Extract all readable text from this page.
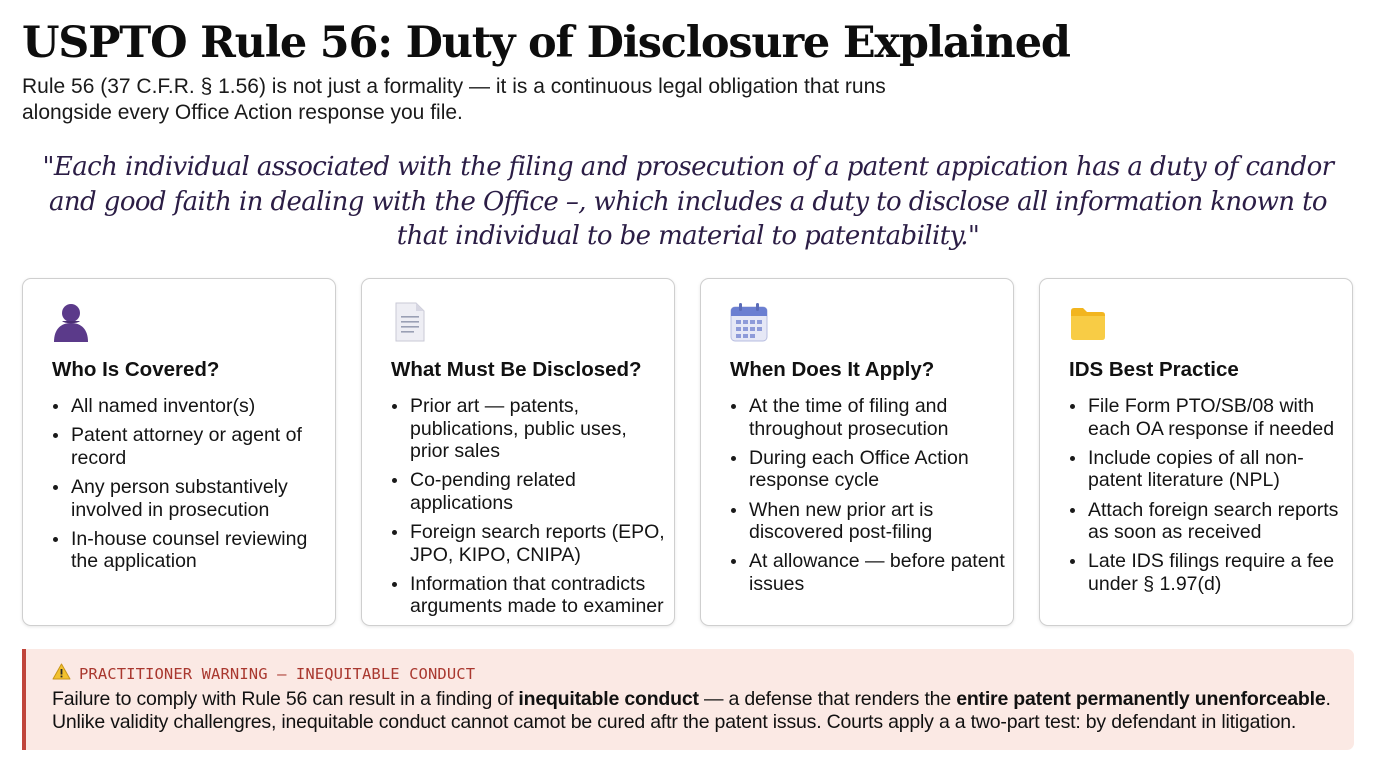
USPTO Rule 56: Duty of Disclosure Explained

Rule 56 (37 C.F.R. § 1.56) is not just a formality — it is a continuous legal obligation that runs alongside every Office Action response you file.

"Each individual associated with the filing and prosecution of a patent appication has a duty of candor and good faith in dealing with the Office –, which includes a duty to disclose all information known to that individual to be material to patentability."

Who Is Covered?
All named inventor(s)
Patent attorney or agent of record
Any person substantively involved in prosecution
In-house counsel reviewing the application
What Must Be Disclosed?
Prior art — patents, publications, public uses, prior sales
Co-pending related applications
Foreign search reports (EPO, JPO, KIPO, CNIPA)
Information that contradicts arguments made to examiner
When Does It Apply?
At the time of filing and throughout prosecution
During each Office Action response cycle
When new prior art is discovered post-filing
At allowance — before patent issues
IDS Best Practice
File Form PTO/SB/08 with each OA response if needed
Include copies of all non-patent literature (NPL)
Attach foreign search reports as soon as received
Late IDS filings require a fee under § 1.97(d)
PRACTITIONER WARNING — INEQUITABLE CONDUCT

Failure to comply with Rule 56 can result in a finding of inequitable conduct — a defense that renders the entire patent permanently unenforceable. Unlike validity challengres, inequitable conduct cannot camot be cured aftr the patent issus. Courts apply a a two-part test: by defendant in litigation.
